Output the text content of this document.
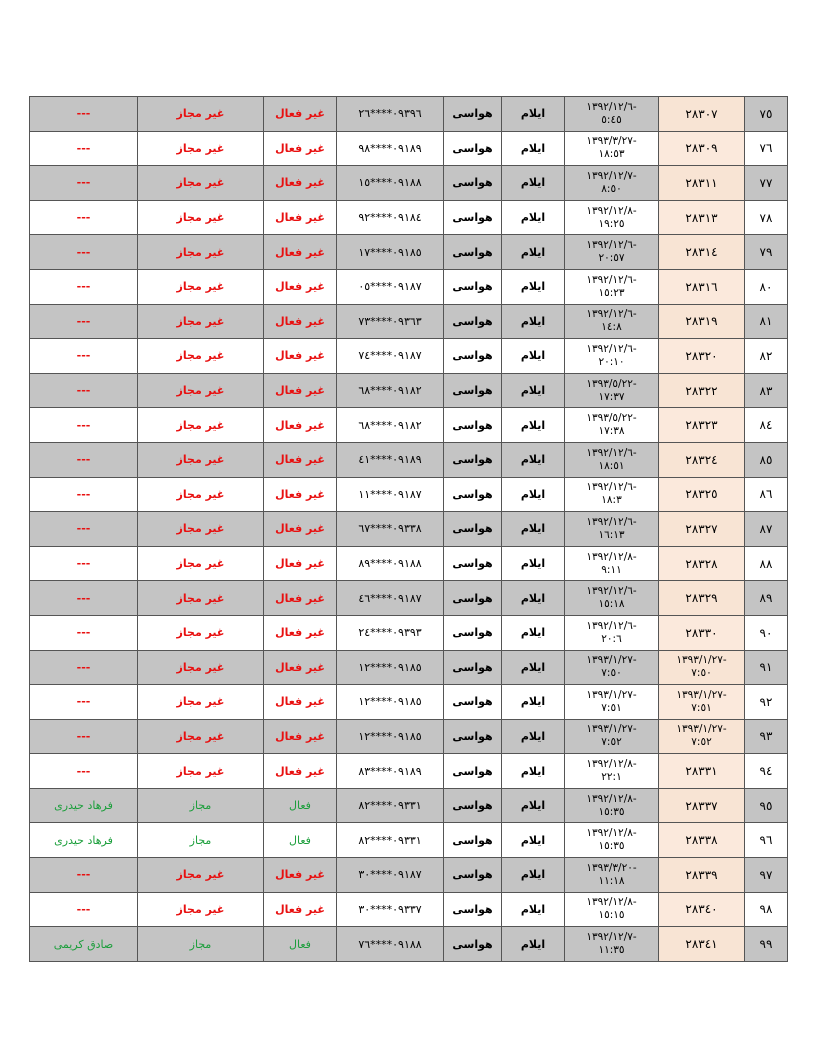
---	غیر مجاز	غیر فعال	٠٩٣٩٦****٢٦	هواسی	ایلام	١٣٩٢/١٢/٦-
٥:٤٥	٢٨٣٠٧	٧٥
---	غیر مجاز	غیر فعال	٠٩١٨٩****٩٨	هواسی	ایلام	١٣٩٣/٣/٢٧-
١٨:٥٣	٢٨٣٠٩	٧٦
---	غیر مجاز	غیر فعال	٠٩١٨٨****١٥	هواسی	ایلام	١٣٩٢/١٢/٧-
٨:٥٠	٢٨٣١١	٧٧
---	غیر مجاز	غیر فعال	٠٩١٨٤****٩٢	هواسی	ایلام	١٣٩٢/١٢/٨-
١٩:٢٥	٢٨٣١٣	٧٨
---	غیر مجاز	غیر فعال	٠٩١٨٥****١٧	هواسی	ایلام	١٣٩٢/١٢/٦-
٢٠:٥٧	٢٨٣١٤	٧٩
---	غیر مجاز	غیر فعال	٠٩١٨٧****٠٥	هواسی	ایلام	١٣٩٢/١٢/٦-
١٥:٢٣	٢٨٣١٦	٨٠
---	غیر مجاز	غیر فعال	٠٩٣٦٣****٧٣	هواسی	ایلام	١٣٩٢/١٢/٦-
١٤:٨	٢٨٣١٩	٨١
---	غیر مجاز	غیر فعال	٠٩١٨٧****٧٤	هواسی	ایلام	١٣٩٢/١٢/٦-
٢٠:١٠	٢٨٣٢٠	٨٢
---	غیر مجاز	غیر فعال	٠٩١٨٢****٦٨	هواسی	ایلام	١٣٩٣/٥/٢٢-
١٧:٣٧	٢٨٣٢٢	٨٣
---	غیر مجاز	غیر فعال	٠٩١٨٢****٦٨	هواسی	ایلام	١٣٩٣/٥/٢٢-
١٧:٣٨	٢٨٣٢٣	٨٤
---	غیر مجاز	غیر فعال	٠٩١٨٩****٤١	هواسی	ایلام	١٣٩٢/١٢/٦-
١٨:٥١	٢٨٣٢٤	٨٥
---	غیر مجاز	غیر فعال	٠٩١٨٧****١١	هواسی	ایلام	١٣٩٢/١٢/٦-
١٨:٣	٢٨٣٢٥	٨٦
---	غیر مجاز	غیر فعال	٠٩٣٣٨****٦٧	هواسی	ایلام	١٣٩٢/١٢/٦-
١٦:١٣	٢٨٣٢٧	٨٧
---	غیر مجاز	غیر فعال	٠٩١٨٨****٨٩	هواسی	ایلام	١٣٩٢/١٢/٨-
٩:١١	٢٨٣٢٨	٨٨
---	غیر مجاز	غیر فعال	٠٩١٨٧****٤٦	هواسی	ایلام	١٣٩٢/١٢/٦-
١٥:١٨	٢٨٣٢٩	٨٩
---	غیر مجاز	غیر فعال	٠٩٣٩٣****٢٤	هواسی	ایلام	١٣٩٢/١٢/٦-
٢٠:٦	٢٨٣٣٠	٩٠
---	غیر مجاز	غیر فعال	٠٩١٨٥****١٢	هواسی	ایلام	١٣٩٣/١/٢٧-
٧:٥٠	١٣٩٣/١/٢٧-
٧:٥٠	٩١
---	غیر مجاز	غیر فعال	٠٩١٨٥****١٢	هواسی	ایلام	١٣٩٣/١/٢٧-
٧:٥١	١٣٩٣/١/٢٧-
٧:٥١	٩٢
---	غیر مجاز	غیر فعال	٠٩١٨٥****١٢	هواسی	ایلام	١٣٩٣/١/٢٧-
٧:٥٢	١٣٩٣/١/٢٧-
٧:٥٢	٩٣
---	غیر مجاز	غیر فعال	٠٩١٨٩****٨٣	هواسی	ایلام	١٣٩٢/١٢/٨-
٢٢:١	٢٨٣٣١	٩٤
فرهاد حیدری	مجاز	فعال	٠٩٣٣١****٨٢	هواسی	ایلام	١٣٩٢/١٢/٨-
١٥:٣٥	٢٨٣٣٧	٩٥
فرهاد حیدری	مجاز	فعال	٠٩٣٣١****٨٢	هواسی	ایلام	١٣٩٢/١٢/٨-
١٥:٣٥	٢٨٣٣٨	٩٦
---	غیر مجاز	غیر فعال	٠٩١٨٧****٣٠	هواسی	ایلام	١٣٩٣/٣/٢٠-
١١:١٨	٢٨٣٣٩	٩٧
---	غیر مجاز	غیر فعال	٠٩٣٣٧****٣٠	هواسی	ایلام	١٣٩٢/١٢/٨-
١٥:١٥	٢٨٣٤٠	٩٨
صادق کریمی	مجاز	فعال	٠٩١٨٨****٧٦	هواسی	ایلام	١٣٩٢/١٢/٧-
١١:٣٥	٢٨٣٤١	٩٩
